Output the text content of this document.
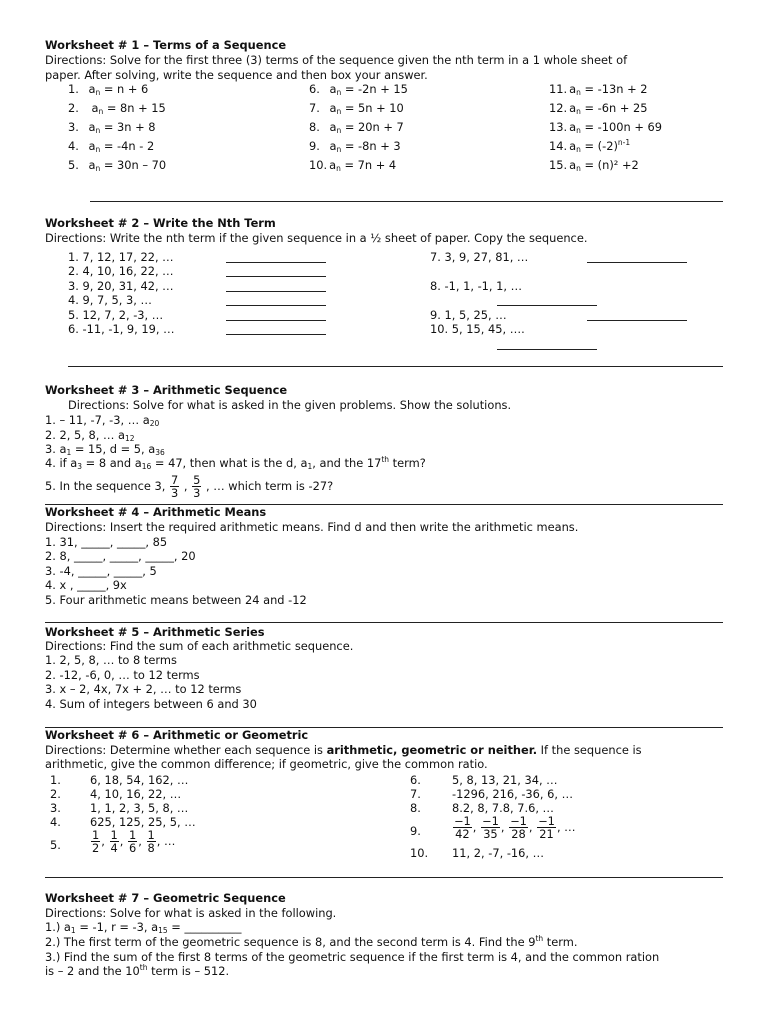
Worksheet # 1 – Terms of a Sequence
Directions: Solve for the first three (3) terms of the sequence given the nth term in a 1 whole sheet of
paper. After solving, write the sequence and then box your answer.
1. $a_n = n + 6$
2. $a_n = 8n + 15$
3. $a_n = 3n + 8$
4. $a_n = -4n - 2$
5. $a_n = 30n - 70$
6. $a_n = -2n + 15$
7. $a_n = 5n + 10$
8. $a_n = 20n + 7$
9. $a_n = -8n + 3$
10. $a_n = 7n + 4$
11. $a_n = -13n + 2$
12. $a_n = -6n + 25$
13. $a_n = -100n + 69$
14. $a_n = (-2)^{n-1}$
15. $a_n = (n)^2 +2$
Worksheet # 2 – Write the Nth Term
Directions: Write the nth term if the given sequence in a ½ sheet of paper. Copy the sequence.
1. 7, 12, 17, 22, …
2. 4, 10, 16, 22, …
3. 9, 20, 31, 42, …
4. 9, 7, 5, 3, …
5. 12, 7, 2, -3, …
6. -11, -1, 9, 19, …
7. 3, 9, 27, 81, …
8. -1, 1, -1, 1, …
9. 1, 5, 25, …
10. 5, 15, 45, ….
Worksheet # 3 – Arithmetic Sequence
Directions: Solve for what is asked in the given problems. Show the solutions.
1. – 11, -7, -3, … $a_{20}$
2. 2, 5, 8, … $a_{12}$
3. $a_1 = 15$, d = 5, $a_{36}$
4. if $a_3 = 8$ and $a_{16} = 47$, then what is the d, $a_1$, and the 17th term?
5. In the sequence 3, $\frac{7}{3}$ , $\frac{5}{3}$ , … which term is -27?
Worksheet # 4 – Arithmetic Means
Directions: Insert the required arithmetic means. Find d and then write the arithmetic means.
1. 31, _____, _____, 85
2. 8, _____, _____, _____, 20
3. -4, _____, _____, 5
4. x , _____, 9x
5. Four arithmetic means between 24 and -12
Worksheet # 5 – Arithmetic Series
Directions: Find the sum of each arithmetic sequence.
1. 2, 5, 8, … to 8 terms
2. -12, -6, 0, … to 12 terms
3. x – 2, 4x, 7x + 2, … to 12 terms
4. Sum of integers between 6 and 30
Worksheet # 6 – Arithmetic or Geometric
Directions: Determine whether each sequence is arithmetic, geometric or neither. If the sequence is
arithmetic, give the common difference; if geometric, give the common ratio.
1.	6, 18, 54, 162, …
2.	4, 10, 16, 22, …
3.	1, 1, 2, 3, 5, 8, …
4.	625, 125, 25, 5, …
5.	$\frac{1}{2}$ , $\frac{1}{4}$ , $\frac{1}{6}$ , $\frac{1}{8}$ , …
6.	5, 8, 13, 21, 34, …
7.	-1296, 216, -36, 6, …
8.	8.2, 8, 7.8, 7.6, …
9.	$\frac{-1}{42}$ , $\frac{-1}{35}$ , $\frac{-1}{28}$ , $\frac{-1}{21}$ , …
10. 11, 2, -7, -16, …
Worksheet # 7 – Geometric Sequence
Directions: Solve for what is asked in the following.
1.) $a_1 = -1$, r = -3, $a_{15}$ = __________
2.) The first term of the geometric sequence is 8, and the second term is 4. Find the 9th term.
3.) Find the sum of the first 8 terms of the geometric sequence if the first term is 4, and the common ration
is – 2 and the 10th term is – 512.
